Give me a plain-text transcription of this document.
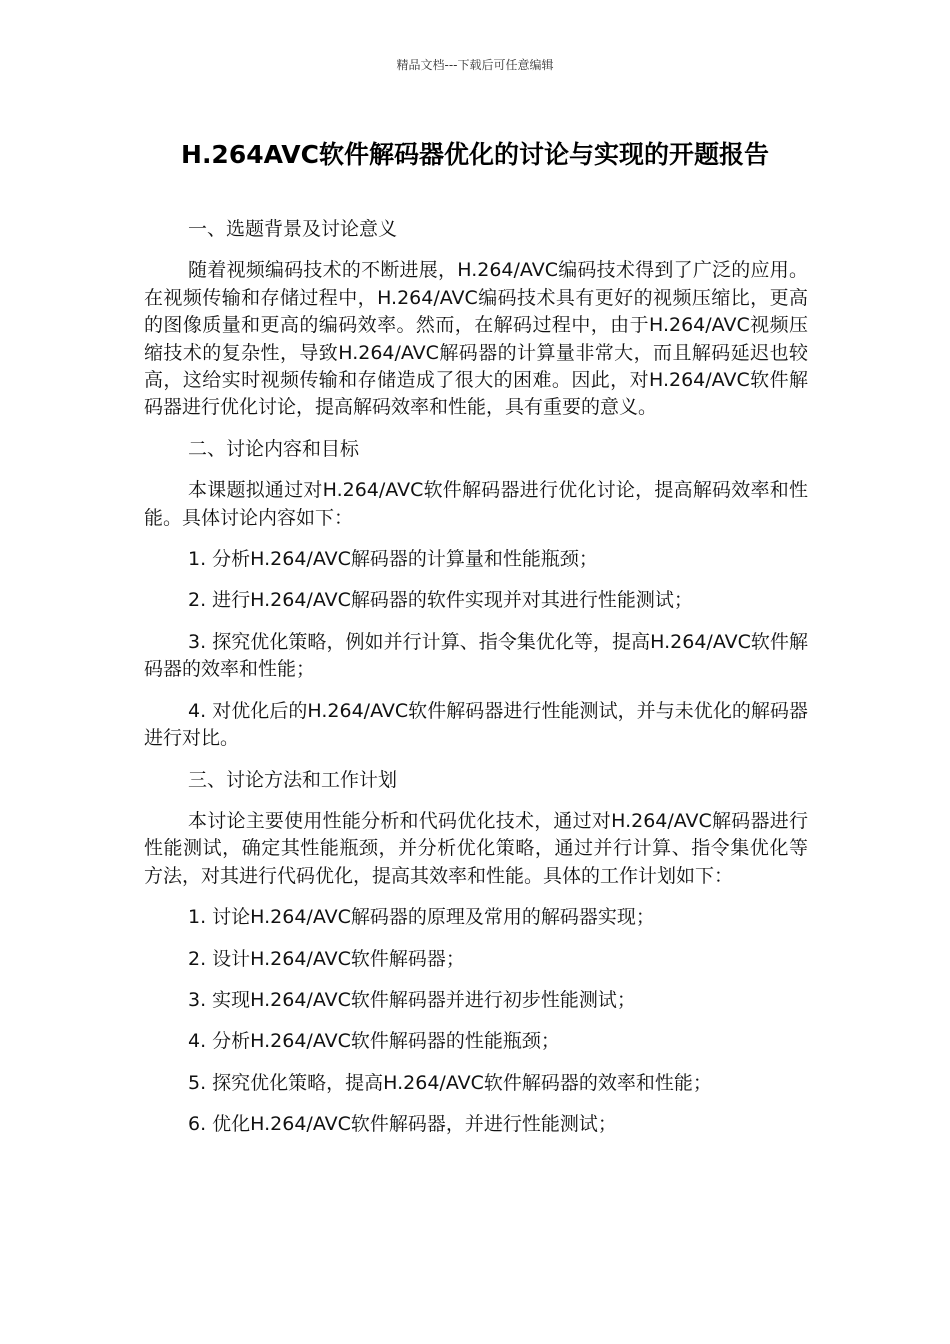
精品文档---下载后可任意编辑
H.264AVC软件解码器优化的讨论与实现的开题报告

一、选题背景及讨论意义

随着视频编码技术的不断进展，H.264/AVC编码技术得到了广泛的应用。在视频传输和存储过程中，H.264/AVC编码技术具有更好的视频压缩比，更高的图像质量和更高的编码效率。然而，在解码过程中，由于H.264/AVC视频压缩技术的复杂性，导致H.264/AVC解码器的计算量非常大，而且解码延迟也较高，这给实时视频传输和存储造成了很大的困难。因此，对H.264/AVC软件解码器进行优化讨论，提高解码效率和性能，具有重要的意义。

二、讨论内容和目标

本课题拟通过对H.264/AVC软件解码器进行优化讨论，提高解码效率和性能。具体讨论内容如下：

1. 分析H.264/AVC解码器的计算量和性能瓶颈；

2. 进行H.264/AVC解码器的软件实现并对其进行性能测试；

3. 探究优化策略，例如并行计算、指令集优化等，提高H.264/AVC软件解码器的效率和性能；

4. 对优化后的H.264/AVC软件解码器进行性能测试，并与未优化的解码器进行对比。

三、讨论方法和工作计划

本讨论主要使用性能分析和代码优化技术，通过对H.264/AVC解码器进行性能测试，确定其性能瓶颈，并分析优化策略，通过并行计算、指令集优化等方法，对其进行代码优化，提高其效率和性能。具体的工作计划如下：

1. 讨论H.264/AVC解码器的原理及常用的解码器实现；

2. 设计H.264/AVC软件解码器；

3. 实现H.264/AVC软件解码器并进行初步性能测试；

4. 分析H.264/AVC软件解码器的性能瓶颈；

5. 探究优化策略，提高H.264/AVC软件解码器的效率和性能；

6. 优化H.264/AVC软件解码器，并进行性能测试；
